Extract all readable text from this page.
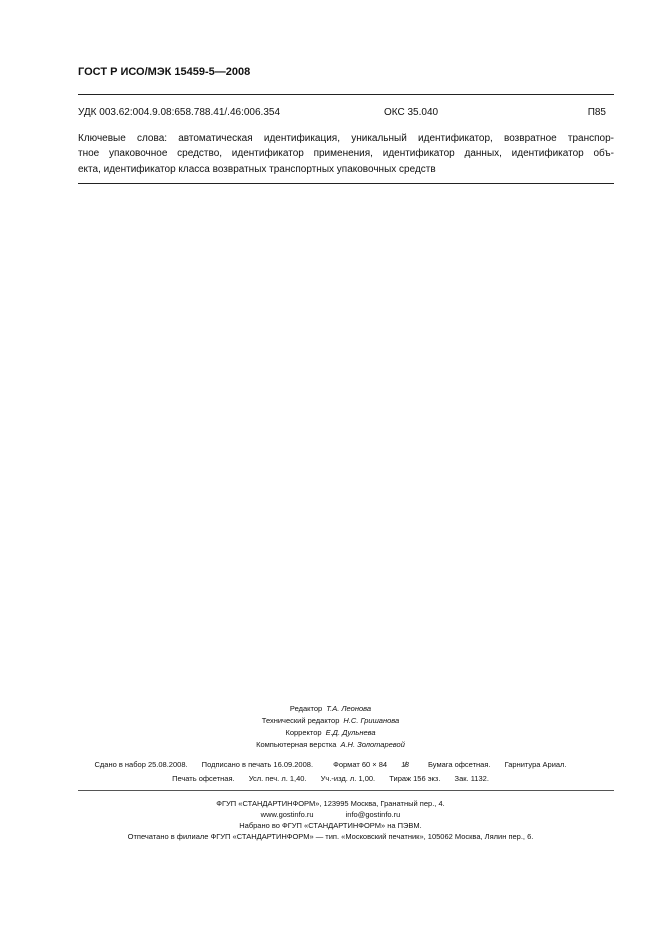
ГОСТ Р ИСО/МЭК 15459-5—2008
УДК 003.62:004.9.08:658.788.41/.46:006.354	ОКС 35.040	П85
Ключевые слова: автоматическая идентификация, уникальный идентификатор, возвратное транспор-
тное упаковочное средство, идентификатор применения, идентификатор данных, идентификатор объ-
екта, идентификатор класса возвратных транспортных упаковочных средств
Редактор Т.А. Леонова
Технический редактор Н.С. Гришанова
Корректор Е.Д. Дульнева
Компьютерная верстка А.Н. Золотаревой
Сдано в набор 25.08.2008. Подписано в печать 16.09.2008.	Формат 60 × 84 1/8	Бумага офсетная. Гарнитура Ариал.
Печать офсетная. Усл. печ. л. 1,40. Уч.-изд. л. 1,00. Тираж 156 экз. Зак. 1132.
ФГУП «СТАНДАРТИНФОРМ», 123995 Москва, Гранатный пер., 4.
www.gostinfo.ru	info@gostinfo.ru
Набрано во ФГУП «СТАНДАРТИНФОРМ» на ПЭВМ.
Отпечатано в филиале ФГУП «СТАНДАРТИНФОРМ» — тип. «Московский печатник», 105062 Москва, Лялин пер., 6.
